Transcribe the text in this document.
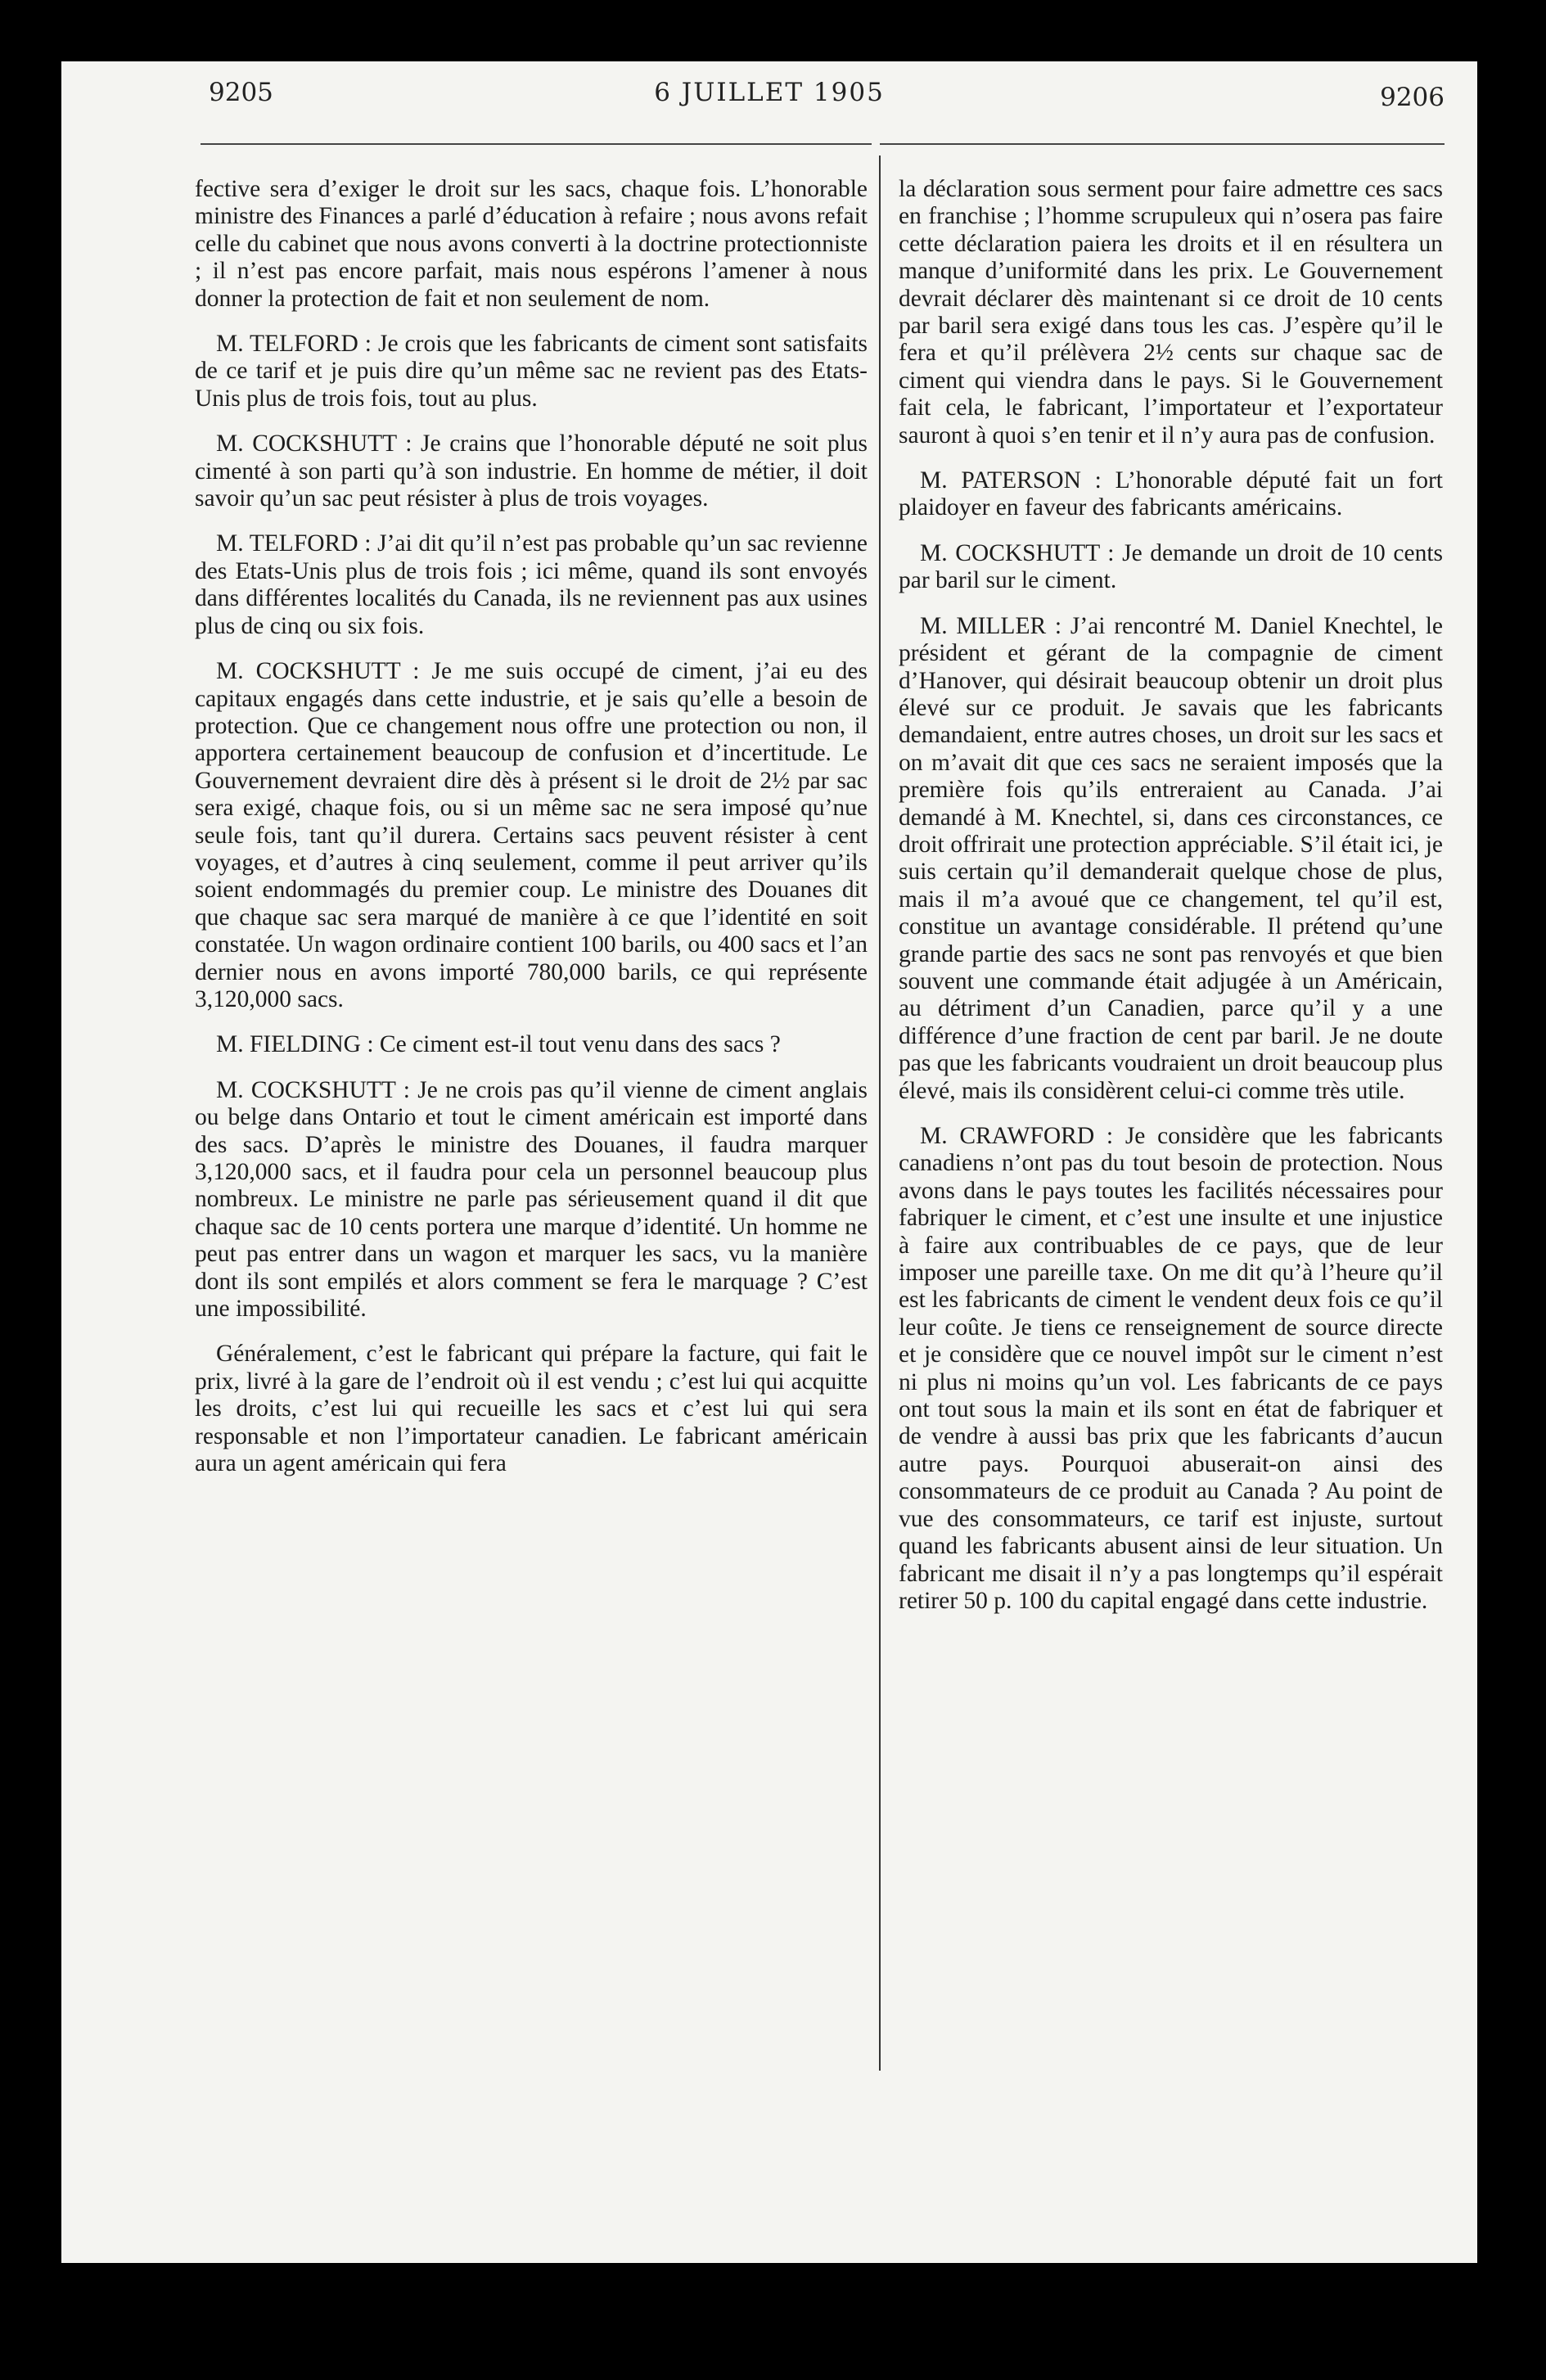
9205	6 JUILLET 1905	9206

fective sera d’exiger le droit sur les sacs, chaque fois. L’honorable ministre des Finances a parlé d’éducation à refaire ; nous avons refait celle du cabinet que nous avons converti à la doctrine protectionniste ; il n’est pas encore parfait, mais nous espérons l’amener à nous donner la protection de fait et non seulement de nom.

M. TELFORD : Je crois que les fabricants de ciment sont satisfaits de ce tarif et je puis dire qu’un même sac ne revient pas des Etats-Unis plus de trois fois, tout au plus.

M. COCKSHUTT : Je crains que l’honorable député ne soit plus cimenté à son parti qu’à son industrie. En homme de métier, il doit savoir qu’un sac peut résister à plus de trois voyages.

M. TELFORD : J’ai dit qu’il n’est pas probable qu’un sac revienne des Etats-Unis plus de trois fois ; ici même, quand ils sont envoyés dans différentes localités du Canada, ils ne reviennent pas aux usines plus de cinq ou six fois.

M. COCKSHUTT : Je me suis occupé de ciment, j’ai eu des capitaux engagés dans cette industrie, et je sais qu’elle a besoin de protection. Que ce changement nous offre une protection ou non, il apportera certainement beaucoup de confusion et d’incertitude. Le Gouvernement devraient dire dès à présent si le droit de 2½ par sac sera exigé, chaque fois, ou si un même sac ne sera imposé qu’nue seule fois, tant qu’il durera. Certains sacs peuvent résister à cent voyages, et d’autres à cinq seulement, comme il peut arriver qu’ils soient endommagés du premier coup. Le ministre des Douanes dit que chaque sac sera marqué de manière à ce que l’identité en soit constatée. Un wagon ordinaire contient 100 barils, ou 400 sacs et l’an dernier nous en avons importé 780,000 barils, ce qui représente 3,120,000 sacs.

M. FIELDING : Ce ciment est-il tout venu dans des sacs ?

M. COCKSHUTT : Je ne crois pas qu’il vienne de ciment anglais ou belge dans Ontario et tout le ciment américain est importé dans des sacs. D’après le ministre des Douanes, il faudra marquer 3,120,000 sacs, et il faudra pour cela un personnel beaucoup plus nombreux. Le ministre ne parle pas sérieusement quand il dit que chaque sac de 10 cents portera une marque d’identité. Un homme ne peut pas entrer dans un wagon et marquer les sacs, vu la manière dont ils sont empilés et alors comment se fera le marquage ? C’est une impossibilité.

Généralement, c’est le fabricant qui prépare la facture, qui fait le prix, livré à la gare de l’endroit où il est vendu ; c’est lui qui acquitte les droits, c’est lui qui recueille les sacs et c’est lui qui sera responsable et non l’importateur canadien. Le fabricant américain aura un agent américain qui fera

la déclaration sous serment pour faire admettre ces sacs en franchise ; l’homme scrupuleux qui n’osera pas faire cette déclaration paiera les droits et il en résultera un manque d’uniformité dans les prix. Le Gouvernement devrait déclarer dès maintenant si ce droit de 10 cents par baril sera exigé dans tous les cas. J’espère qu’il le fera et qu’il prélèvera 2½ cents sur chaque sac de ciment qui viendra dans le pays. Si le Gouvernement fait cela, le fabricant, l’importateur et l’exportateur sauront à quoi s’en tenir et il n’y aura pas de confusion.

M. PATERSON : L’honorable député fait un fort plaidoyer en faveur des fabricants américains.

M. COCKSHUTT : Je demande un droit de 10 cents par baril sur le ciment.

M. MILLER : J’ai rencontré M. Daniel Knechtel, le président et gérant de la compagnie de ciment d’Hanover, qui désirait beaucoup obtenir un droit plus élevé sur ce produit. Je savais que les fabricants demandaient, entre autres choses, un droit sur les sacs et on m’avait dit que ces sacs ne seraient imposés que la première fois qu’ils entreraient au Canada. J’ai demandé à M. Knechtel, si, dans ces circonstances, ce droit offrirait une protection appréciable. S’il était ici, je suis certain qu’il demanderait quelque chose de plus, mais il m’a avoué que ce changement, tel qu’il est, constitue un avantage considérable. Il prétend qu’une grande partie des sacs ne sont pas renvoyés et que bien souvent une commande était adjugée à un Américain, au détriment d’un Canadien, parce qu’il y a une différence d’une fraction de cent par baril. Je ne doute pas que les fabricants voudraient un droit beaucoup plus élevé, mais ils considèrent celui-ci comme très utile.

M. CRAWFORD : Je considère que les fabricants canadiens n’ont pas du tout besoin de protection. Nous avons dans le pays toutes les facilités nécessaires pour fabriquer le ciment, et c’est une insulte et une injustice à faire aux contribuables de ce pays, que de leur imposer une pareille taxe. On me dit qu’à l’heure qu’il est les fabricants de ciment le vendent deux fois ce qu’il leur coûte. Je tiens ce renseignement de source directe et je considère que ce nouvel impôt sur le ciment n’est ni plus ni moins qu’un vol. Les fabricants de ce pays ont tout sous la main et ils sont en état de fabriquer et de vendre à aussi bas prix que les fabricants d’aucun autre pays. Pourquoi abuserait-on ainsi des consommateurs de ce produit au Canada ? Au point de vue des consommateurs, ce tarif est injuste, surtout quand les fabricants abusent ainsi de leur situation. Un fabricant me disait il n’y a pas longtemps qu’il espérait retirer 50 p. 100 du capital engagé dans cette industrie.
